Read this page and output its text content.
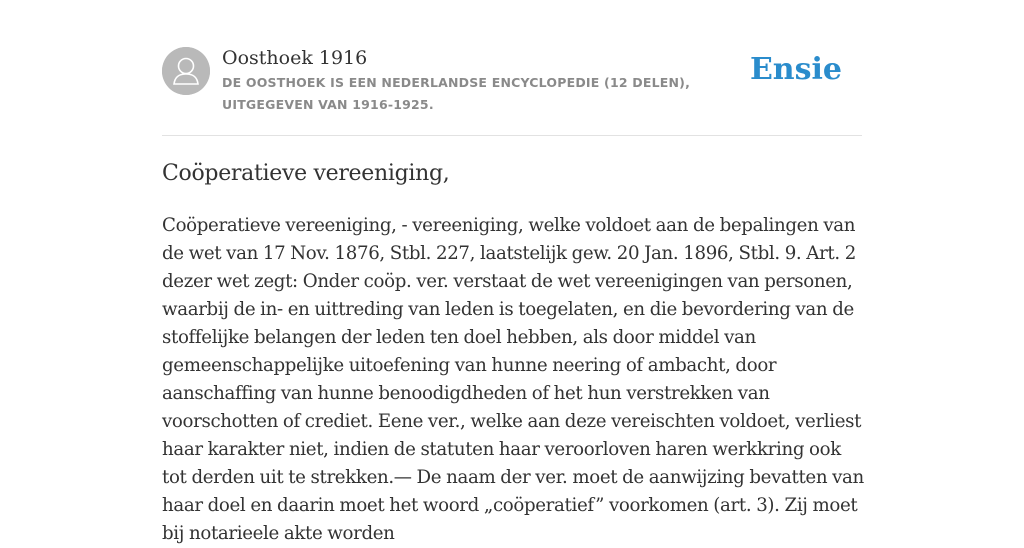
Oosthoek 1916
DE OOSTHOEK IS EEN NEDERLANDSE ENCYCLOPEDIE (12 DELEN), UITGEGEVEN VAN 1916-1925.
Ensie
Coöperatieve vereeniging,
Coöperatieve vereeniging, - vereeniging, welke voldoet aan de bepalingen van de wet van 17 Nov. 1876, Stbl. 227, laatstelijk gew. 20 Jan. 1896, Stbl. 9. Art. 2 dezer wet zegt: Onder coöp. ver. verstaat de wet vereenigingen van personen, waarbij de in- en uittreding van leden is toegelaten, en die bevordering van de stoffelijke belangen der leden ten doel hebben, als door middel van gemeenschappelijke uitoefening van hunne neering of ambacht, door aanschaffing van hunne benoodigdheden of het hun verstrekken van voorschotten of crediet. Eene ver., welke aan deze vereischten voldoet, verliest haar karakter niet, indien de statuten haar veroorloven haren werkkring ook tot derden uit te strekken.— De naam der ver. moet de aanwijzing bevatten van haar doel en daarin moet het woord „coöperatief” voorkomen (art. 3). Zij moet bij notarieele akte worden
